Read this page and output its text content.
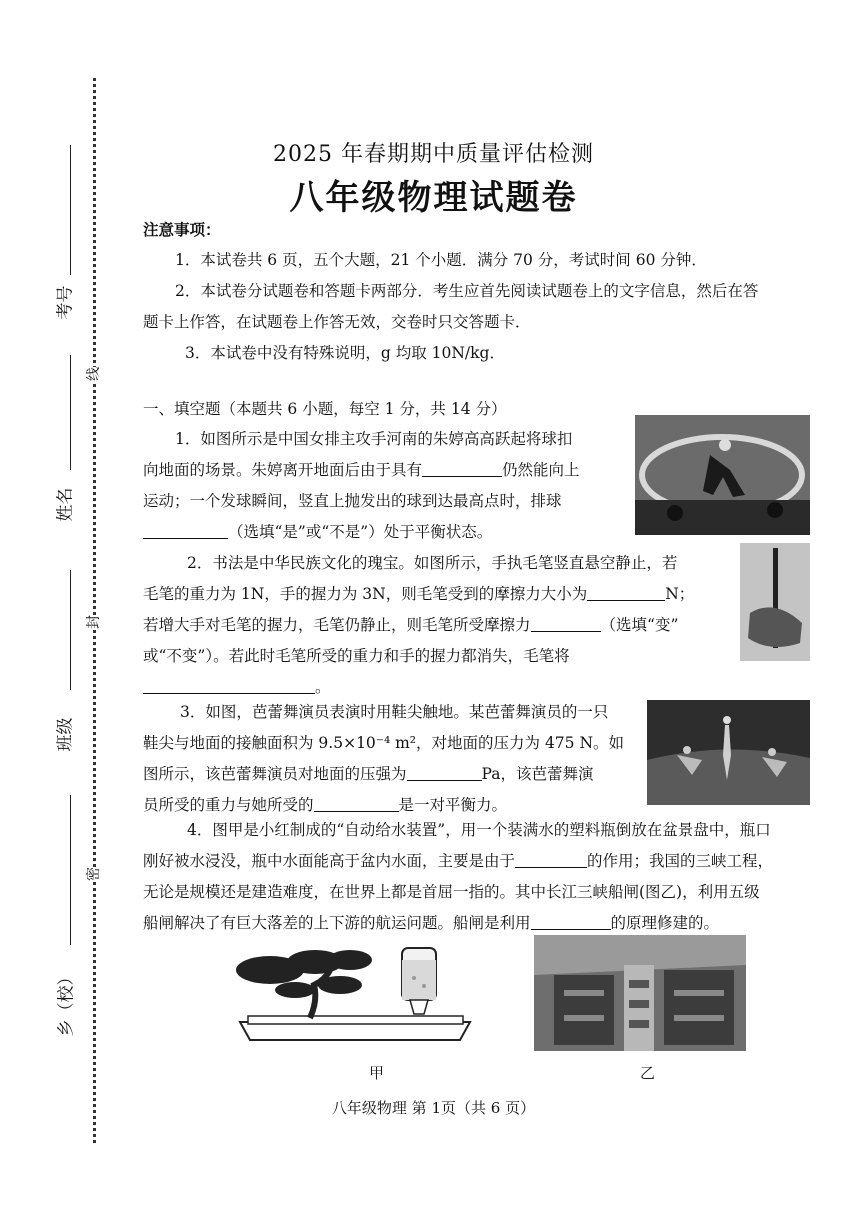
线
封
密
考号
姓名
班级
乡（校）
2025 年春期期中质量评估检测
八年级物理试题卷
注意事项：
1．本试卷共 6 页，五个大题，21 个小题．满分 70 分，考试时间 60 分钟．
2．本试卷分试题卷和答题卡两部分．考生应首先阅读试题卷上的文字信息，然后在答
题卡上作答，在试题卷上作答无效，交卷时只交答题卡．
3．本试卷中没有特殊说明，g 均取 10N/kg．
一、填空题（本题共 6 小题，每空 1 分，共 14 分）
1．如图所示是中国女排主攻手河南的朱婷高高跃起将球扣
向地面的场景。朱婷离开地面后由于具有	仍然能向上
运动；一个发球瞬间，竖直上抛发出的球到达最高点时，排球
（选填“是”或“不是”）处于平衡状态。
2．书法是中华民族文化的瑰宝。如图所示，手执毛笔竖直悬空静止，若
毛笔的重力为 1N，手的握力为 3N，则毛笔受到的摩擦力大小为	N；
若增大手对毛笔的握力，毛笔仍静止，则毛笔所受摩擦力	（选填“变”
或“不变”）。若此时毛笔所受的重力和手的握力都消失，毛笔将
。
3．如图，芭蕾舞演员表演时用鞋尖触地。某芭蕾舞演员的一只
鞋尖与地面的接触面积为 9.5×10⁻⁴ m²，对地面的压力为 475 N。如
图所示，该芭蕾舞演员对地面的压强为	Pa，该芭蕾舞演
员所受的重力与她所受的	是一对平衡力。
4．图甲是小红制成的“自动给水装置”，用一个装满水的塑料瓶倒放在盆景盘中，瓶口
刚好被水浸没，瓶中水面能高于盆内水面，主要是由于	的作用；我国的三峡工程，
无论是规模还是建造难度，在世界上都是首屈一指的。其中长江三峡船闸(图乙)，利用五级
船闸解决了有巨大落差的上下游的航运问题。船闸是利用	的原理修建的。
甲	乙
八年级物理 第 1页（共 6 页）
